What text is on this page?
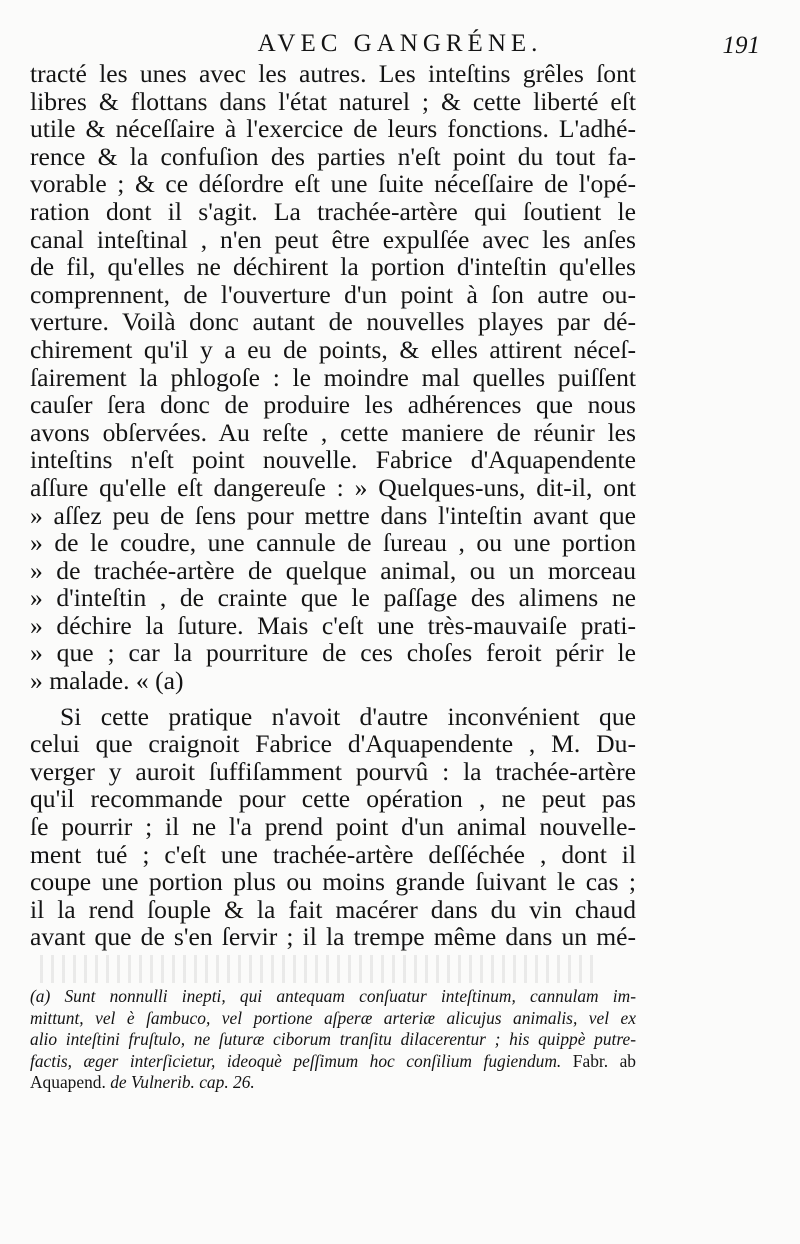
AVEC GANGRÉNE.	191
tracté les unes avec les autres. Les inteſtins grêles ſont
libres & flottans dans l'état naturel ; & cette liberté eſt
utile & néceſſaire à l'exercice de leurs fonctions. L'adhé-
rence & la confuſion des parties n'eſt point du tout fa-
vorable ; & ce déſordre eſt une ſuite néceſſaire de l'opé-
ration dont il s'agit. La trachée-artère qui ſoutient le
canal inteſtinal , n'en peut être expulſée avec les anſes
de fil, qu'elles ne déchirent la portion d'inteſtin qu'elles
comprennent, de l'ouverture d'un point à ſon autre ou-
verture. Voilà donc autant de nouvelles playes par dé-
chirement qu'il y a eu de points, & elles attirent néceſ-
ſairement la phlogoſe : le moindre mal quelles puiſſent
cauſer ſera donc de produire les adhérences que nous
avons obſervées. Au reſte , cette maniere de réunir les
inteſtins n'eſt point nouvelle. Fabrice d'Aquapendente
aſſure qu'elle eſt dangereuſe : » Quelques-uns, dit-il, ont
» aſſez peu de ſens pour mettre dans l'inteſtin avant que
» de le coudre, une cannule de ſureau , ou une portion
» de trachée-artère de quelque animal, ou un morceau
» d'inteſtin , de crainte que le paſſage des alimens ne
» déchire la ſuture. Mais c'eſt une très-mauvaiſe prati-
» que ; car la pourriture de ces choſes feroit périr le
» malade. « (a)
Si cette pratique n'avoit d'autre inconvénient que
celui que craignoit Fabrice d'Aquapendente , M. Du-
verger y auroit ſuffiſamment pourvû : la trachée-artère
qu'il recommande pour cette opération , ne peut pas
ſe pourrir ; il ne l'a prend point d'un animal nouvelle-
ment tué ; c'eſt une trachée-artère deſſéchée , dont il
coupe une portion plus ou moins grande ſuivant le cas ;
il la rend ſouple & la fait macérer dans du vin chaud
avant que de s'en ſervir ; il la trempe même dans un mé-
(a) Sunt nonnulli inepti, qui antequam conſuatur inteſtinum, cannulam im-
mittunt, vel è ſambuco, vel portione aſperæ arteriæ alicujus animalis, vel ex
alio inteſtini fruſtulo, ne ſuturæ ciborum tranſitu dilacerentur ; his quippè putre-
factis, æger interſicietur, ideoquè peſſimum hoc conſilium fugiendum. Fabr. ab
Aquapend. de Vulnerib. cap. 26.
